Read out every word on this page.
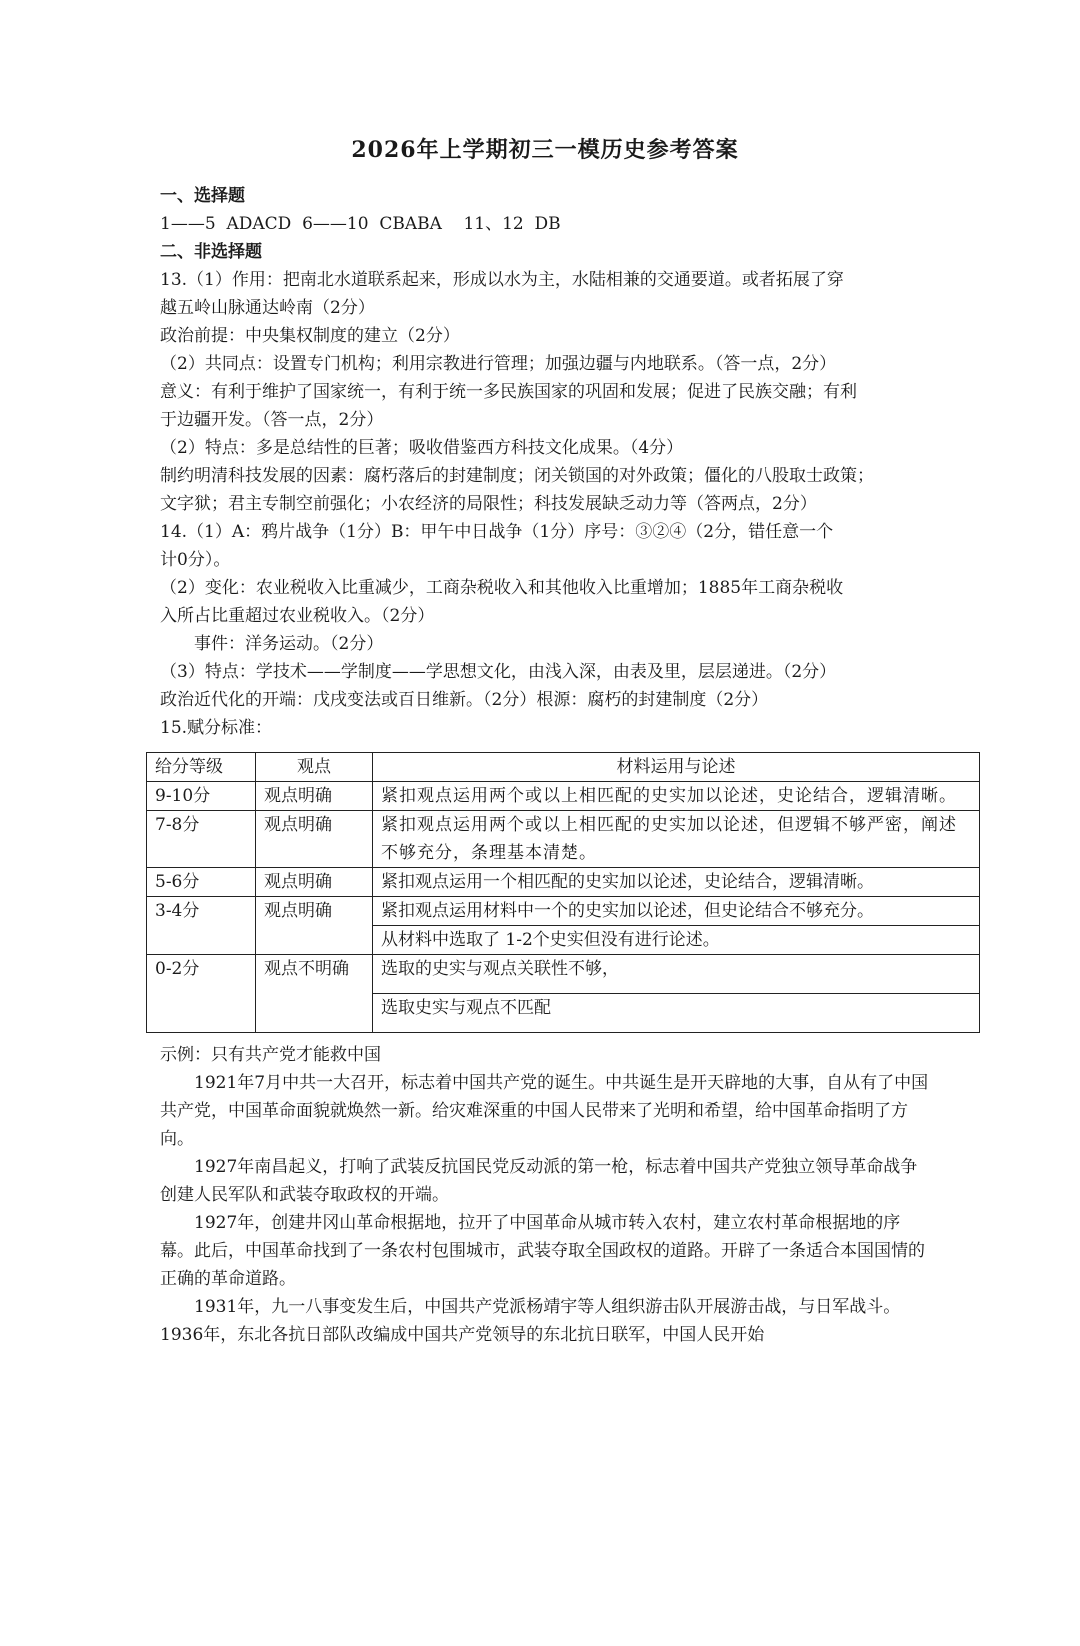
2026年上学期初三一模历史参考答案

一、选择题

1——5  ADACD  6——10  CBABA    11、12  DB

二、非选择题

13.（1）作用：把南北水道联系起来，形成以水为主，水陆相兼的交通要道。或者拓展了穿

越五岭山脉通达岭南（2分）

政治前提：中央集权制度的建立（2分）

（2）共同点：设置专门机构；利用宗教进行管理；加强边疆与内地联系。（答一点，2分）

意义：有利于维护了国家统一，有利于统一多民族国家的巩固和发展；促进了民族交融；有利

于边疆开发。（答一点，2分）

（2）特点：多是总结性的巨著；吸收借鉴西方科技文化成果。（4分）

制约明清科技发展的因素：腐朽落后的封建制度；闭关锁国的对外政策；僵化的八股取士政策；

文字狱；君主专制空前强化；小农经济的局限性；科技发展缺乏动力等（答两点，2分）

14.（1）A：鸦片战争（1分）B：甲午中日战争（1分）序号：③②④（2分，错任意一个

计0分）。

（2）变化：农业税收入比重减少，工商杂税收入和其他收入比重增加；1885年工商杂税收

入所占比重超过农业税收入。（2分）

事件：洋务运动。（2分）

（3）特点：学技术——学制度——学思想文化，由浅入深，由表及里，层层递进。（2分）

政治近代化的开端：戊戌变法或百日维新。（2分）根源：腐朽的封建制度（2分）

15.赋分标准：

给分等级	观点	材料运用与论述
9-10分	观点明确	紧扣观点运用两个或以上相匹配的史实加以论述，史论结合，逻辑清晰。
7-8分	观点明确	紧扣观点运用两个或以上相匹配的史实加以论述，但逻辑不够严密，阐述不够充分，条理基本清楚。
5-6分	观点明确	紧扣观点运用一个相匹配的史实加以论述，史论结合，逻辑清晰。
3-4分	观点明确	紧扣观点运用材料中一个的史实加以论述，但史论结合不够充分。
		从材料中选取了 1-2个史实但没有进行论述。
0-2分	观点不明确	选取的史实与观点关联性不够，
		选取史实与观点不匹配

示例：只有共产党才能救中国

1921年7月中共一大召开，标志着中国共产党的诞生。中共诞生是开天辟地的大事，自从有了中国共产党，中国革命面貌就焕然一新。给灾难深重的中国人民带来了光明和希望，给中国革命指明了方向。

1927年南昌起义，打响了武装反抗国民党反动派的第一枪，标志着中国共产党独立领导革命战争创建人民军队和武装夺取政权的开端。

1927年，创建井冈山革命根据地，拉开了中国革命从城市转入农村，建立农村革命根据地的序幕。此后，中国革命找到了一条农村包围城市，武装夺取全国政权的道路。开辟了一条适合本国国情的正确的革命道路。

1931年，九一八事变发生后，中国共产党派杨靖宇等人组织游击队开展游击战，与日军战斗。1936年，东北各抗日部队改编成中国共产党领导的东北抗日联军，中国人民开始
